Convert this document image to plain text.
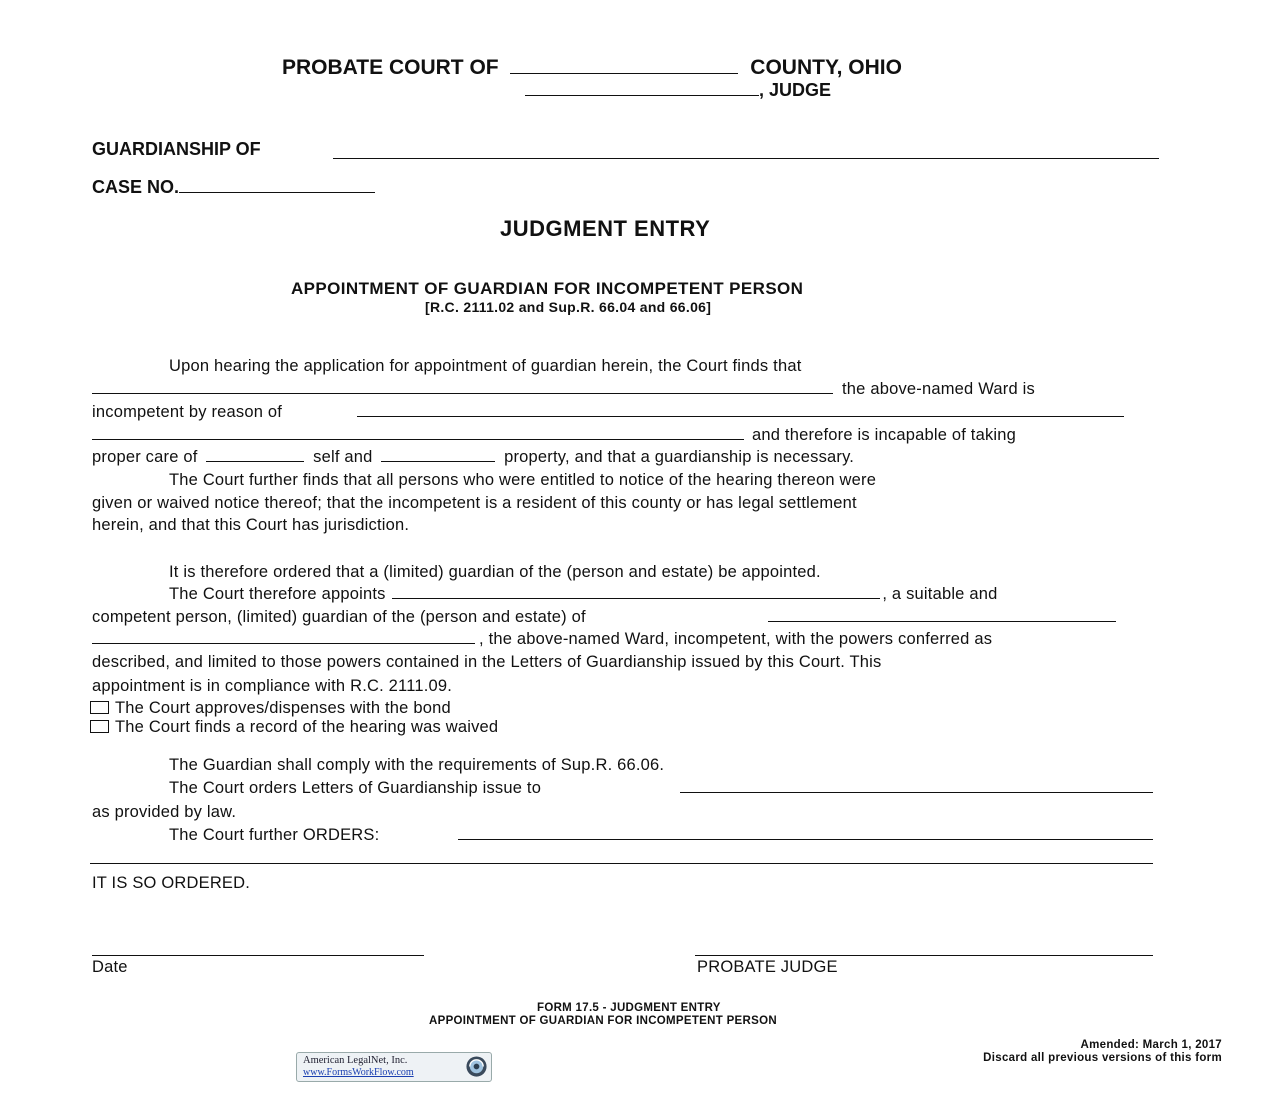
PROBATE COURT OF	COUNTY, OHIO
, JUDGE
GUARDIANSHIP OF
CASE NO.
JUDGMENT ENTRY
APPOINTMENT OF GUARDIAN FOR INCOMPETENT PERSON
[R.C. 2111.02 and Sup.R. 66.04 and 66.06]
Upon hearing the application for appointment of guardian herein, the Court finds that
the above-named Ward is
incompetent by reason of
and therefore is incapable of taking
proper care of	self and	property, and that a guardianship is necessary.
The Court further finds that all persons who were entitled to notice of the hearing thereon were
given or waived notice thereof; that the incompetent is a resident of this county or has legal settlement
herein, and that this Court has jurisdiction.
It is therefore ordered that a (limited) guardian of the (person and estate) be appointed.
The Court therefore appoints	, a suitable and
competent person, (limited) guardian of the (person and estate) of
, the above-named Ward, incompetent, with the powers conferred as
described, and limited to those powers contained in the Letters of Guardianship issued by this Court. This
appointment is in compliance with R.C. 2111.09.
The Court approves/dispenses with the bond
The Court finds a record of the hearing was waived
The Guardian shall comply with the requirements of Sup.R. 66.06.
The Court orders Letters of Guardianship issue to
as provided by law.
The Court further ORDERS:
IT IS SO ORDERED.
Date	PROBATE JUDGE
FORM 17.5 - JUDGMENT ENTRY
APPOINTMENT OF GUARDIAN FOR INCOMPETENT PERSON
Amended: March 1, 2017
Discard all previous versions of this form
American LegalNet, Inc.
www.FormsWorkFlow.com
